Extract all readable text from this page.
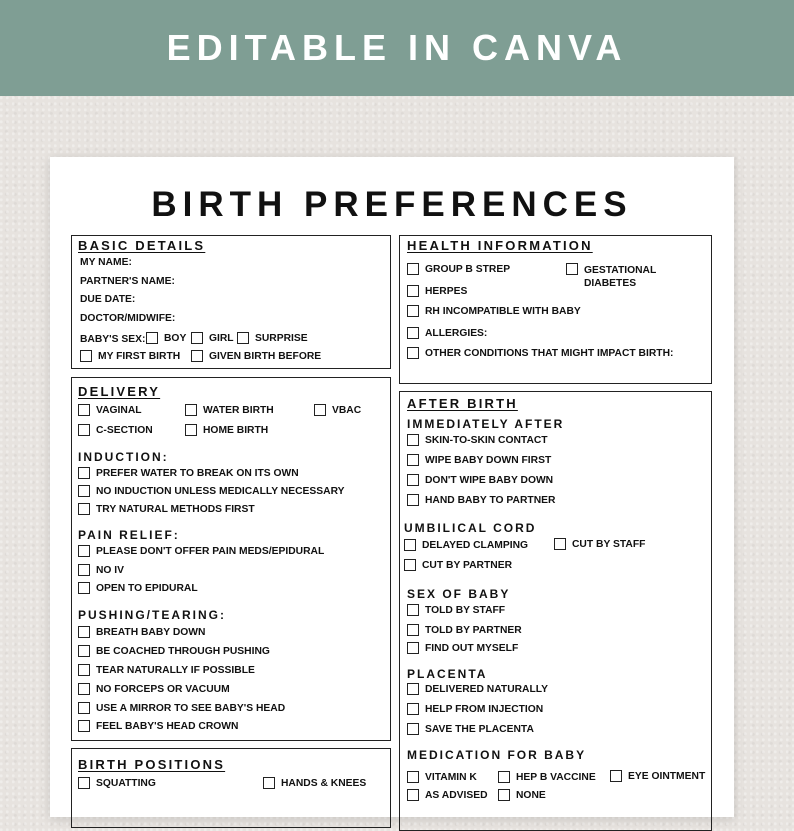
EDITABLE IN CANVA
BIRTH PREFERENCES
BASIC DETAILS
MY NAME:
PARTNER'S NAME:
DUE DATE:
DOCTOR/MIDWIFE:
BABY'S SEX: BOY GIRL SURPRISE
MY FIRST BIRTH	GIVEN BIRTH BEFORE
HEALTH INFORMATION
GROUP B STREP	GESTATIONAL
DIABETES
HERPES
RH INCOMPATIBLE WITH BABY
ALLERGIES:
OTHER CONDITIONS THAT MIGHT IMPACT BIRTH:
DELIVERY
VAGINAL	WATER BIRTH	VBAC
C-SECTION	HOME BIRTH
INDUCTION:
PREFER WATER TO BREAK ON ITS OWN
NO INDUCTION UNLESS MEDICALLY NECESSARY
TRY NATURAL METHODS FIRST
PAIN RELIEF:
PLEASE DON'T OFFER PAIN MEDS/EPIDURAL
NO IV
OPEN TO EPIDURAL
PUSHING/TEARING:
BREATH BABY DOWN
BE COACHED THROUGH PUSHING
TEAR NATURALLY IF POSSIBLE
NO FORCEPS OR VACUUM
USE A MIRROR TO SEE BABY'S HEAD
FEEL BABY'S HEAD CROWN
BIRTH POSITIONS
SQUATTING	HANDS & KNEES
AFTER BIRTH
IMMEDIATELY AFTER
SKIN-TO-SKIN CONTACT
WIPE BABY DOWN FIRST
DON'T WIPE BABY DOWN
HAND BABY TO PARTNER
UMBILICAL CORD
DELAYED CLAMPING	CUT BY STAFF
CUT BY PARTNER
SEX OF BABY
TOLD BY STAFF
TOLD BY PARTNER
FIND OUT MYSELF
PLACENTA
DELIVERED NATURALLY
HELP FROM INJECTION
SAVE THE PLACENTA
MEDICATION FOR BABY
VITAMIN K	HEP B VACCINE	EYE OINTMENT
AS ADVISED	NONE
